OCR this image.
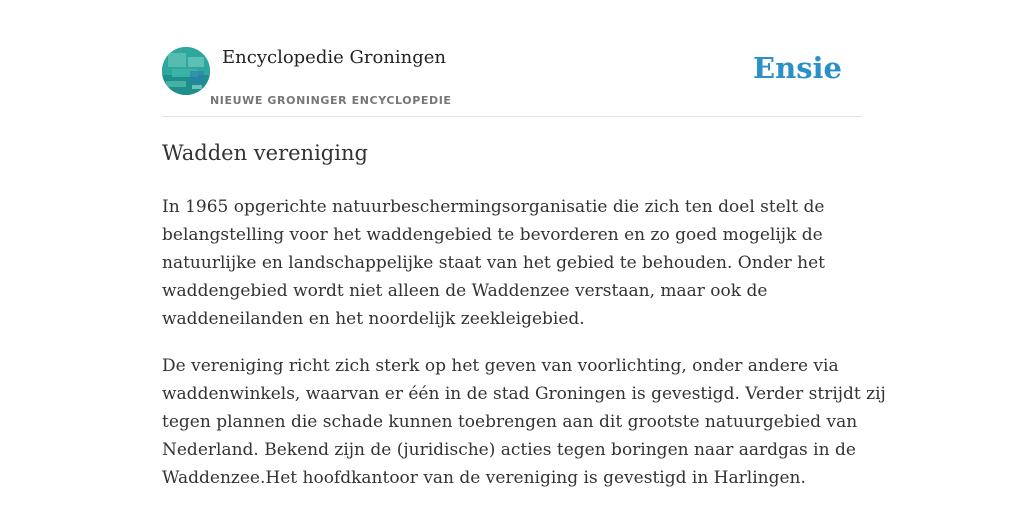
Encyclopedie Groningen
NIEUWE GRONINGER ENCYCLOPEDIE
Ensie
Wadden vereniging

In 1965 opgerichte natuurbeschermingsorganisatie die zich ten doel stelt de
belangstelling voor het waddengebied te bevorderen en zo goed mogelijk de
natuurlijke en landschappelijke staat van het gebied te behouden. Onder het
waddengebied wordt niet alleen de Waddenzee verstaan, maar ook de
waddeneilanden en het noordelijk zeekleigebied.

De vereniging richt zich sterk op het geven van voorlichting, onder andere via
waddenwinkels, waarvan er één in de stad Groningen is gevestigd. Verder strijdt zij
tegen plannen die schade kunnen toebrengen aan dit grootste natuurgebied van
Nederland. Bekend zijn de (juridische) acties tegen boringen naar aardgas in de
Waddenzee.Het hoofdkantoor van de vereniging is gevestigd in Harlingen.
